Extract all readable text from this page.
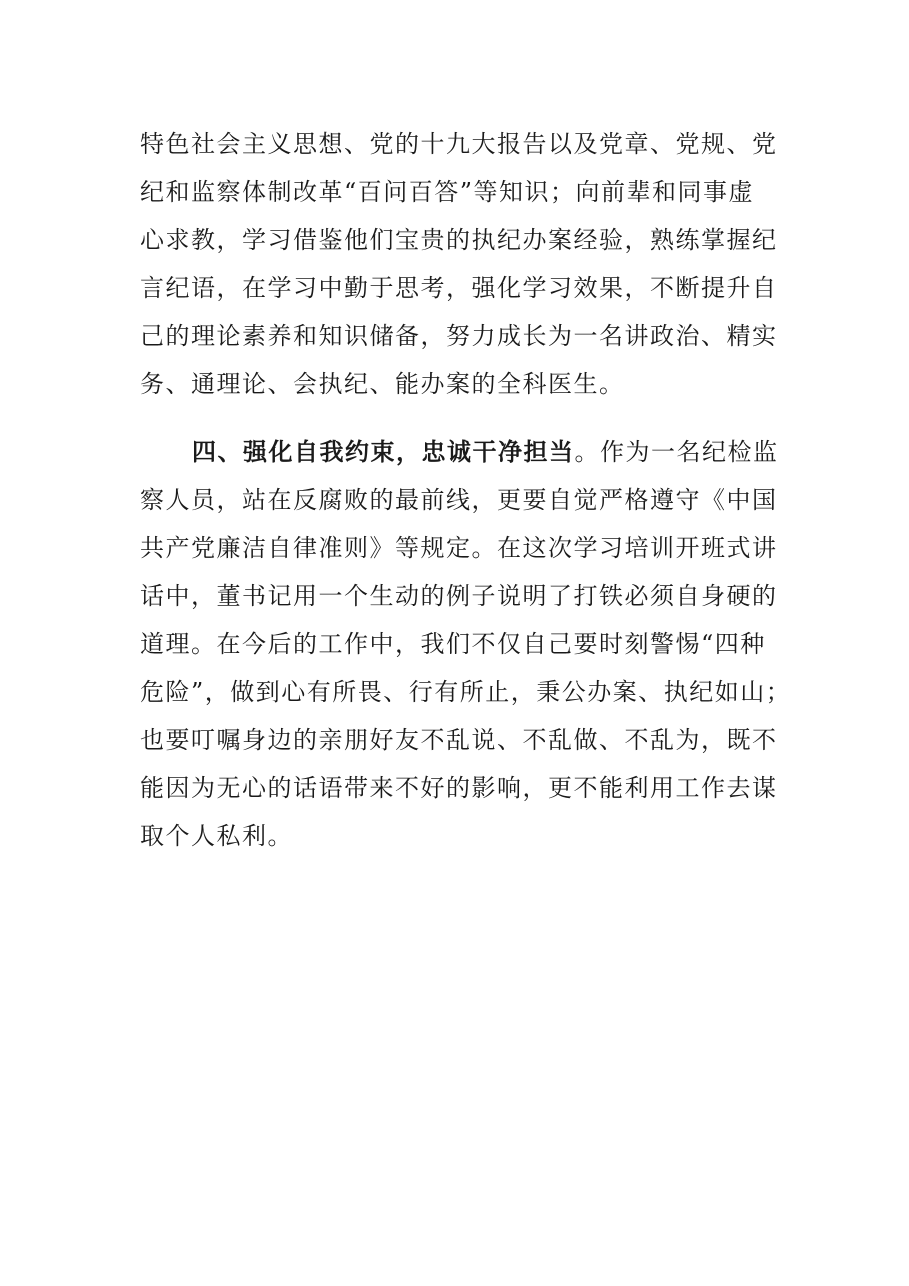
特色社会主义思想、党的十九大报告以及党章、党规、党
纪和监察体制改革“百问百答”等知识；向前辈和同事虚
心求教，学习借鉴他们宝贵的执纪办案经验，熟练掌握纪
言纪语，在学习中勤于思考，强化学习效果，不断提升自
己的理论素养和知识储备，努力成长为一名讲政治、精实
务、通理论、会执纪、能办案的全科医生。
四、强化自我约束，忠诚干净担当。作为一名纪检监
察人员，站在反腐败的最前线，更要自觉严格遵守《中国
共产党廉洁自律准则》等规定。在这次学习培训开班式讲
话中，董书记用一个生动的例子说明了打铁必须自身硬的
道理。在今后的工作中，我们不仅自己要时刻警惕“四种
危险”，做到心有所畏、行有所止，秉公办案、执纪如山；
也要叮嘱身边的亲朋好友不乱说、不乱做、不乱为，既不
能因为无心的话语带来不好的影响，更不能利用工作去谋
取个人私利。
